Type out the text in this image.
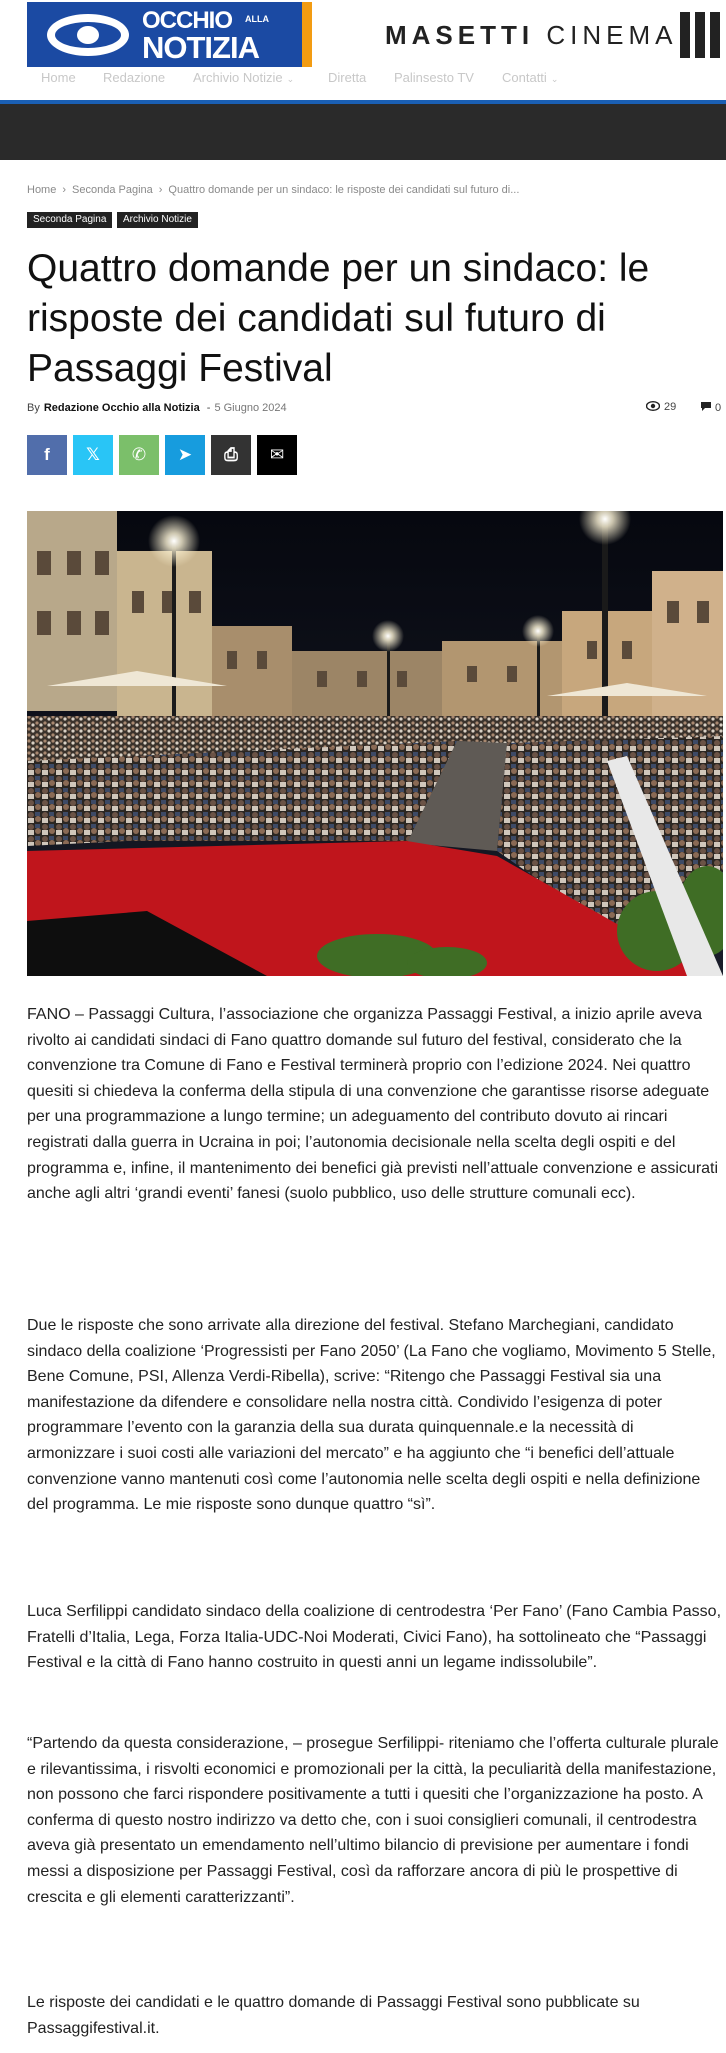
OCCHIO ALLA
NOTIZIA	MASETTI CINEMA
Home Redazione Archivio Notizie ⌄	Diretta Palinsesto TV Contatti ⌄
Home › Seconda Pagina › Quattro domande per un sindaco: le risposte dei candidati sul futuro di...
Seconda Pagina	Archivio Notizie
Quattro domande per un sindaco: le risposte dei candidati sul futuro di Passaggi Festival
By Redazione Occhio alla Notizia - 5 Giugno 2024	29	0
f 𝕏 ✆ ➤ ⎙ ✉

FANO – Passaggi Cultura, l’associazione che organizza Passaggi Festival, a inizio aprile aveva rivolto ai candidati sindaci di Fano quattro domande sul futuro del festival, considerato che la convenzione tra Comune di Fano e Festival terminerà proprio con l’edizione 2024. Nei quattro quesiti si chiedeva la conferma della stipula di una convenzione che garantisse risorse adeguate per una programmazione a lungo termine; un adeguamento del contributo dovuto ai rincari registrati dalla guerra in Ucraina in poi; l’autonomia decisionale nella scelta degli ospiti e del programma e, infine, il mantenimento dei benefici già previsti nell’attuale convenzione e assicurati anche agli altri ‘grandi eventi’ fanesi (suolo pubblico, uso delle strutture comunali ecc).

Due le risposte che sono arrivate alla direzione del festival. Stefano Marchegiani, candidato sindaco della coalizione ‘Progressisti per Fano 2050’ (La Fano che vogliamo, Movimento 5 Stelle, Bene Comune, PSI, Allenza Verdi-Ribella), scrive: “Ritengo che Passaggi Festival sia una manifestazione da difendere e consolidare nella nostra città. Condivido l’esigenza di poter programmare l’evento con la garanzia della sua durata quinquennale.e la necessità di armonizzare i suoi costi alle variazioni del mercato” e ha aggiunto che “i benefici dell’attuale convenzione vanno mantenuti così come l’autonomia nelle scelta degli ospiti e nella definizione del programma. Le mie risposte sono dunque quattro “sì”.

Luca Serfilippi candidato sindaco della coalizione di centrodestra ‘Per Fano’ (Fano Cambia Passo, Fratelli d’Italia, Lega, Forza Italia-UDC-Noi Moderati, Civici Fano), ha sottolineato che “Passaggi Festival e la città di Fano hanno costruito in questi anni un legame indissolubile”.

“Partendo da questa considerazione, – prosegue Serfilippi- riteniamo che l’offerta culturale plurale e rilevantissima, i risvolti economici e promozionali per la città, la peculiarità della manifestazione, non possono che farci rispondere positivamente a tutti i quesiti che l’organizzazione ha posto. A conferma di questo nostro indirizzo va detto che, con i suoi consiglieri comunali, il centrodestra aveva già presentato un emendamento nell’ultimo bilancio di previsione per aumentare i fondi messi a disposizione per Passaggi Festival, così da rafforzare ancora di più le prospettive di crescita e gli elementi caratterizzanti”.

Le risposte dei candidati e le quattro domande di Passaggi Festival sono pubblicate su Passaggifestival.it.
